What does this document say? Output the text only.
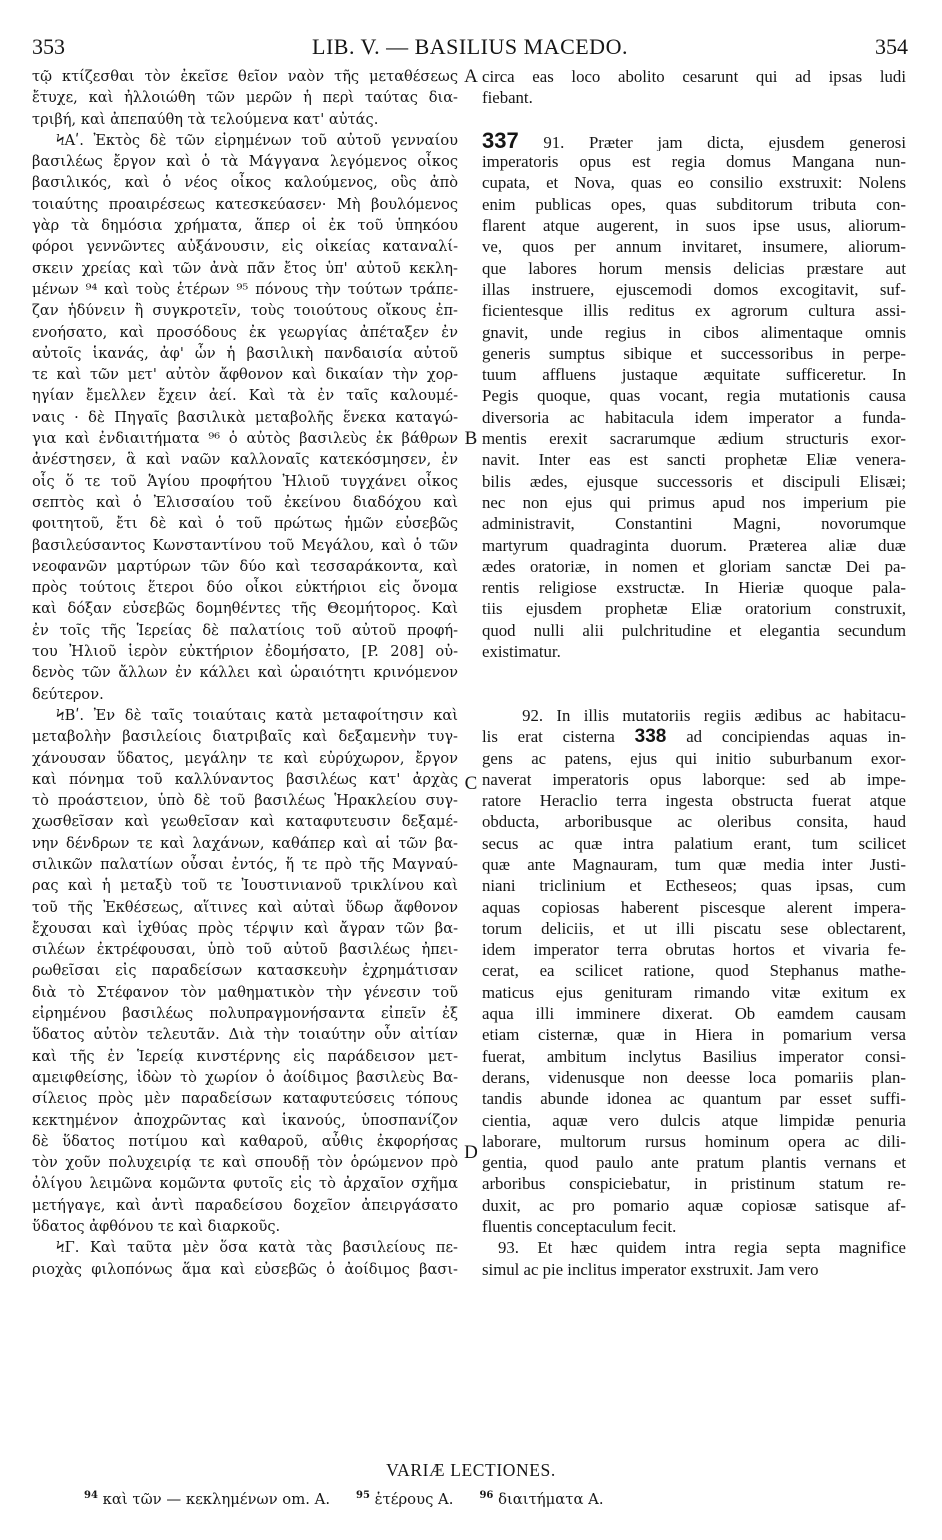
353	LIB. V. — BASILIUS MACEDO.	354
τῷ κτίζεσθαι τὸν ἐκεῖσε θεῖον ναὸν τῆς μεταθέσεως
ἔτυχε, καὶ ἠλλοιώθη τῶν μερῶν ἡ περὶ ταύτας δια-
τριβή, καὶ ἀπεπαύθη τὰ τελούμενα κατ' αὐτάς.
ϞΑʹ. Ἐκτὸς δὲ τῶν εἰρημένων τοῦ αὐτοῦ γενναίου
βασιλέως ἔργον καὶ ὁ τὰ Μάγγανα λεγόμενος οἶκος
βασιλικός, καὶ ὁ νέος οἶκος καλούμενος, οὓς ἀπὸ
τοιαύτης προαιρέσεως κατεσκεύασεν· Μὴ βουλόμενος
γὰρ τὰ δημόσια χρήματα, ἅπερ οἱ ἐκ τοῦ ὑπηκόου
φόροι γεννῶντες αὐξάνουσιν, εἰς οἰκείας καταναλί-
σκειν χρείας καὶ τῶν ἀνὰ πᾶν ἔτος ὑπ' αὐτοῦ κεκλη-
μένων ⁹⁴ καὶ τοὺς ἑτέρων ⁹⁵ πόνους τὴν τούτων τράπε-
ζαν ἡδύνειν ἢ συγκροτεῖν, τοὺς τοιούτους οἴκους ἐπ-
ενοήσατο, καὶ προσόδους ἐκ γεωργίας ἀπέταξεν ἐν
αὐτοῖς ἱκανάς, ἀφ' ὧν ἡ βασιλικὴ πανδαισία αὐτοῦ
τε καὶ τῶν μετ' αὐτὸν ἄφθονον καὶ δικαίαν τὴν χορ-
ηγίαν ἔμελλεν ἔχειν ἀεί. Καὶ τὰ ἐν ταῖς καλουμέ-
ναις · δὲ Πηγαῖς βασιλικὰ μεταβολῆς ἕνεκα καταγώ-
για καὶ ἐνδιαιτήματα ⁹⁶ ὁ αὐτὸς βασιλεὺς ἐκ βάθρων
ἀνέστησεν, ἃ καὶ ναῶν καλλοναῖς κατεκόσμησεν, ἐν
οἷς ὅ τε τοῦ Ἁγίου προφήτου Ἠλιοῦ τυγχάνει οἶκος
σεπτὸς καὶ ὁ Ἐλισσαίου τοῦ ἐκείνου διαδόχου καὶ
φοιτητοῦ, ἔτι δὲ καὶ ὁ τοῦ πρώτως ἡμῶν εὐσεβῶς
βασιλεύσαντος Κωνσταντίνου τοῦ Μεγάλου, καὶ ὁ τῶν
νεοφανῶν μαρτύρων τῶν δύο καὶ τεσσαράκοντα, καὶ
πρὸς τούτοις ἕτεροι δύο οἶκοι εὐκτήριοι εἰς ὄνομα
καὶ δόξαν εὐσεβῶς δομηθέντες τῆς Θεομήτορος. Καὶ
ἐν τοῖς τῆς Ἱερείας δὲ παλατίοις τοῦ αὐτοῦ προφή-
του Ἠλιοῦ ἱερὸν εὐκτήριον ἐδομήσατο, [P. 208] οὐ-
δενὸς τῶν ἄλλων ἐν κάλλει καὶ ὡραιότητι κρινόμενον
δεύτερον.
ϞΒʹ. Ἐν δὲ ταῖς τοιαύταις κατὰ μεταφοίτησιν καὶ
μεταβολὴν βασιλείοις διατριβαῖς καὶ δεξαμενὴν τυγ-
χάνουσαν ὕδατος, μεγάλην τε καὶ εὐρύχωρον, ἔργον
καὶ πόνημα τοῦ καλλύναντος βασιλέως κατ' ἀρχὰς
τὸ προάστειον, ὑπὸ δὲ τοῦ βασιλέως Ἡρακλείου συγ-
χωσθεῖσαν καὶ γεωθεῖσαν καὶ καταφυτευσιν δεξαμέ-
νην δένδρων τε καὶ λαχάνων, καθάπερ καὶ αἱ τῶν βα-
σιλικῶν παλατίων οὖσαι ἐντός, ἥ τε πρὸ τῆς Μαγναύ-
ρας καὶ ἡ μεταξὺ τοῦ τε Ἰουστινιανοῦ τρικλίνου καὶ
τοῦ τῆς Ἐκθέσεως, αἵτινες καὶ αὐταὶ ὕδωρ ἄφθονον
ἔχουσαι καὶ ἰχθύας πρὸς τέρψιν καὶ ἄγραν τῶν βα-
σιλέων ἐκτρέφουσαι, ὑπὸ τοῦ αὐτοῦ βασιλέως ἠπει-
ρωθεῖσαι εἰς παραδείσων κατασκευὴν ἐχρημάτισαν
διὰ τὸ Στέφανον τὸν μαθηματικὸν τὴν γένεσιν τοῦ
εἰρημένου βασιλέως πολυπραγμονήσαντα εἰπεῖν ἐξ
ὕδατος αὐτὸν τελευτᾶν. Διὰ τὴν τοιαύτην οὖν αἰτίαν
καὶ τῆς ἐν Ἱερείᾳ κινστέρνης εἰς παράδεισον μετ-
αμειφθείσης, ἰδὼν τὸ χωρίον ὁ ἀοίδιμος βασιλεὺς Βα-
σίλειος πρὸς μὲν παραδείσων καταφυτεύσεις τόπους
κεκτημένον ἀποχρῶντας καὶ ἱκανούς, ὑποσπανίζον
δὲ ὕδατος ποτίμου καὶ καθαροῦ, αὖθις ἐκφορήσας
τὸν χοῦν πολυχειρίᾳ τε καὶ σπουδῇ τὸν ὁρώμενον πρὸ
ὀλίγου λειμῶνα κομῶντα φυτοῖς εἰς τὸ ἀρχαῖον σχῆμα
μετήγαγε, καὶ ἀντὶ παραδείσου δοχεῖον ἀπειργάσατο
ὕδατος ἀφθόνου τε καὶ διαρκοῦς.
ϞΓ. Καὶ ταῦτα μὲν ὅσα κατὰ τὰς βασιλείους πε-
ριοχὰς φιλοπόνως ἅμα καὶ εὐσεβῶς ὁ ἀοίδιμος βασι-
circa eas loco abolito cesarunt qui ad ipsas ludi
fiebant.
337 91. Præter jam dicta, ejusdem generosi
imperatoris opus est regia domus Mangana nun-
cupata, et Nova, quas eo consilio exstruxit: Nolens
enim publicas opes, quas subditorum tributa con-
flarent atque augerent, in suos ipse usus, aliorum-
ve, quos per annum invitaret, insumere, aliorum-
que labores horum mensis delicias præstare aut
illas instruere, ejuscemodi domos excogitavit, suf-
ficientesque illis reditus ex agrorum cultura assi-
gnavit, unde regius in cibos alimentaque omnis
generis sumptus sibique et successoribus in perpe-
tuum affluens justaque æquitate sufficeretur. In
Pegis quoque, quas vocant, regia mutationis causa
diversoria ac habitacula idem imperator a funda-
mentis erexit sacrarumque ædium structuris exor-
navit. Inter eas est sancti prophetæ Eliæ venera-
bilis ædes, ejusque successoris et discipuli Elisæi;
nec non ejus qui primus apud nos imperium pie
administravit, Constantini Magni, novorumque
martyrum quadraginta duorum. Præterea aliæ duæ
ædes oratoriæ, in nomen et gloriam sanctæ Dei pa-
rentis religiose exstructæ. In Hieriæ quoque pala-
tiis ejusdem prophetæ Eliæ oratorium construxit,
quod nulli alii pulchritudine et elegantia secundum
existimatur.
92. In illis mutatoriis regiis ædibus ac habitacu-
lis erat cisterna 338 ad concipiendas aquas in-
gens ac patens, ejus qui initio suburbanum exor-
naverat imperatoris opus laborque: sed ab impe-
ratore Heraclio terra ingesta obstructa fuerat atque
obducta, arboribusque ac oleribus consita, haud
secus ac quæ intra palatium erant, tum scilicet
quæ ante Magnauram, tum quæ media inter Justi-
niani triclinium et Ectheseos; quas ipsas, cum
aquas copiosas haberent piscesque alerent impera-
torum deliciis, et ut illi piscatu sese oblectarent,
idem imperator terra obrutas hortos et vivaria fe-
cerat, ea scilicet ratione, quod Stephanus mathe-
maticus ejus genituram rimando vitæ exitum ex
aqua illi imminere dixerat. Ob eamdem causam
etiam cisternæ, quæ in Hiera in pomarium versa
fuerat, ambitum inclytus Basilius imperator consi-
derans, videnusque non deesse loca pomariis plan-
tandis abunde idonea ac quantum par esset suffi-
cientia, aquæ vero dulcis atque limpidæ penuria
laborare, multorum rursus hominum opera ac dili-
gentia, quod paulo ante pratum plantis vernans et
arboribus conspiciebatur, in pristinum statum re-
duxit, ac pro pomario aquæ copiosæ satisque af-
fluentis conceptaculum fecit.
93. Et hæc quidem intra regia septa magnifice
simul ac pie inclitus imperator exstruxit. Jam vero
A
B
C
D
VARIÆ LECTIONES.
$^{94}$ καὶ τῶν — κεκλημένων om. A.	$^{95}$ ἑτέρους A.	$^{96}$ διαιτήματα A.
